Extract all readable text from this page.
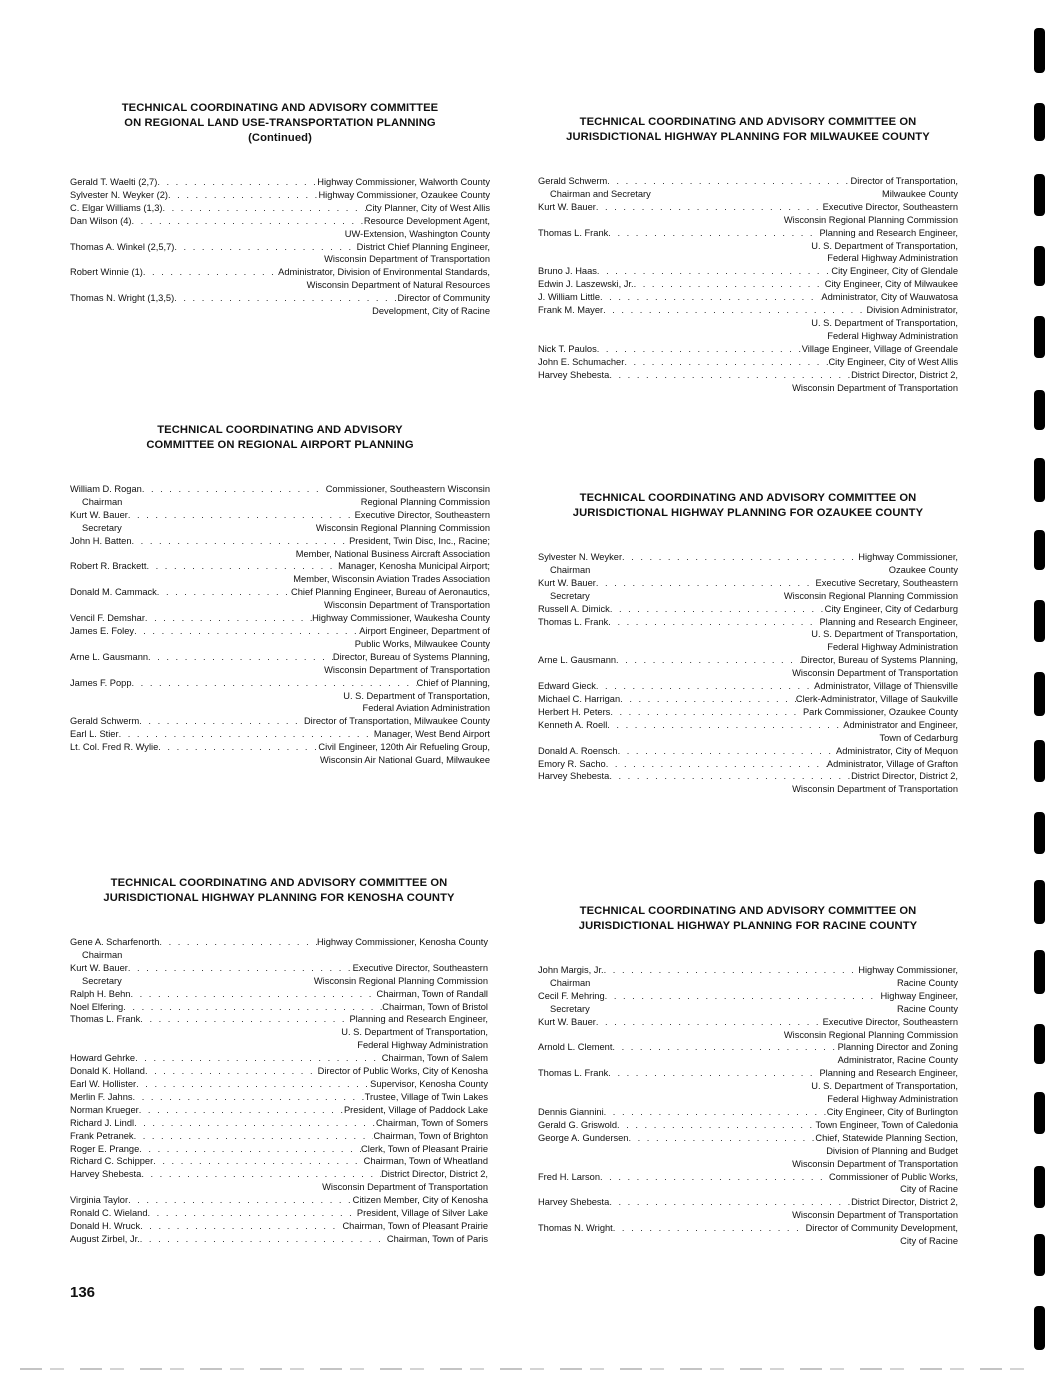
TECHNICAL COORDINATING AND ADVISORY COMMITTEE
ON REGIONAL LAND USE-TRANSPORTATION PLANNING
(Continued)
Gerald T. Waelti (2,7) . . .	Highway Commissioner, Walworth County
Sylvester N. Weyker (2) . . .	Highway Commissioner, Ozaukee County
C. Elgar Williams (1,3) . . .	City Planner, City of West Allis
Dan Wilson (4) . . .	Resource Development Agent,
UW-Extension, Washington County
Thomas A. Winkel (2,5,7) . . .	District Chief Planning Engineer,
Wisconsin Department of Transportation
Robert Winnie (1) . . .	Administrator, Division of Environmental Standards,
Wisconsin Department of Natural Resources
Thomas N. Wright (1,3,5) . . .	Director of Community
Development, City of Racine
TECHNICAL COORDINATING AND ADVISORY
COMMITTEE ON REGIONAL AIRPORT PLANNING
William D. Rogan . . .	Commissioner, Southeastern Wisconsin
Chairman	Regional Planning Commission
Kurt W. Bauer . . .	Executive Director, Southeastern
Secretary	Wisconsin Regional Planning Commission
John H. Batten . . .	President, Twin Disc, Inc., Racine;
Member, National Business Aircraft Association
Robert R. Brackett . . .	Manager, Kenosha Municipal Airport;
Member, Wisconsin Aviation Trades Association
Donald M. Cammack . . .	Chief Planning Engineer, Bureau of Aeronautics,
Wisconsin Department of Transportation
Vencil F. Demshar . . .	Highway Commissioner, Waukesha County
James E. Foley . . .	Airport Engineer, Department of
Public Works, Milwaukee County
Arne L. Gausmann . . .	Director, Bureau of Systems Planning,
Wisconsin Department of Transportation
James F. Popp . . .	Chief of Planning,
U. S. Department of Transportation,
Federal Aviation Administration
Gerald Schwerm . . .	Director of Transportation, Milwaukee County
Earl L. Stier . . .	Manager, West Bend Airport
Lt. Col. Fred R. Wylie . . .	Civil Engineer, 120th Air Refueling Group,
Wisconsin Air National Guard, Milwaukee
TECHNICAL COORDINATING AND ADVISORY COMMITTEE ON
JURISDICTIONAL HIGHWAY PLANNING FOR KENOSHA COUNTY
Gene A. Scharfenorth . . .	Highway Commissioner, Kenosha County
Chairman
Kurt W. Bauer . . .	Executive Director, Southeastern
Secretary	Wisconsin Regional Planning Commission
Ralph H. Behn . . .	Chairman, Town of Randall
Noel Elfering . . .	Chairman, Town of Bristol
Thomas L. Frank . . .	Planning and Research Engineer,
U. S. Department of Transportation,
Federal Highway Administration
Howard Gehrke . . .	Chairman, Town of Salem
Donald K. Holland . . .	Director of Public Works, City of Kenosha
Earl W. Hollister . . .	Supervisor, Kenosha County
Merlin F. Jahns . . .	Trustee, Village of Twin Lakes
Norman Krueger . . .	President, Village of Paddock Lake
Richard J. Lindl . . .	Chairman, Town of Somers
Frank Petranek . . .	Chairman, Town of Brighton
Roger E. Prange . . .	Clerk, Town of Pleasant Prairie
Richard C. Schipper . . .	Chairman, Town of Wheatland
Harvey Shebesta . . .	District Director, District 2,
Wisconsin Department of Transportation
Virginia Taylor . . .	Citizen Member, City of Kenosha
Ronald C. Wieland . . .	President, Village of Silver Lake
Donald H. Wruck . . .	Chairman, Town of Pleasant Prairie
August Zirbel, Jr. . . .	Chairman, Town of Paris
TECHNICAL COORDINATING AND ADVISORY COMMITTEE ON
JURISDICTIONAL HIGHWAY PLANNING FOR MILWAUKEE COUNTY
Gerald Schwerm . . .	Director of Transportation,
Chairman and Secretary	Milwaukee County
Kurt W. Bauer . . .	Executive Director, Southeastern
Wisconsin Regional Planning Commission
Thomas L. Frank . . .	Planning and Research Engineer,
U. S. Department of Transportation,
Federal Highway Administration
Bruno J. Haas . . .	City Engineer, City of Glendale
Edwin J. Laszewski, Jr. . . .	City Engineer, City of Milwaukee
J. William Little . . .	Administrator, City of Wauwatosa
Frank M. Mayer . . .	Division Administrator,
U. S. Department of Transportation,
Federal Highway Administration
Nick T. Paulos . . .	Village Engineer, Village of Greendale
John E. Schumacher . . .	City Engineer, City of West Allis
Harvey Shebesta . . .	District Director, District 2,
Wisconsin Department of Transportation
TECHNICAL COORDINATING AND ADVISORY COMMITTEE ON
JURISDICTIONAL HIGHWAY PLANNING FOR OZAUKEE COUNTY
Sylvester N. Weyker . . .	Highway Commissioner,
Chairman	Ozaukee County
Kurt W. Bauer . . .	Executive Secretary, Southeastern
Secretary	Wisconsin Regional Planning Commission
Russell A. Dimick . . .	City Engineer, City of Cedarburg
Thomas L. Frank . . .	Planning and Research Engineer,
U. S. Department of Transportation,
Federal Highway Administration
Arne L. Gausmann . . .	Director, Bureau of Systems Planning,
Wisconsin Department of Transportation
Edward Gieck . . .	Administrator, Village of Thiensville
Michael C. Harrigan . . .	Clerk-Administrator, Village of Saukville
Herbert H. Peters . . .	Park Commissioner, Ozaukee County
Kenneth A. Roell . . .	Administrator and Engineer,
Town of Cedarburg
Donald A. Roensch . . .	Administrator, City of Mequon
Emory R. Sacho . . .	Administrator, Village of Grafton
Harvey Shebesta . . .	District Director, District 2,
Wisconsin Department of Transportation
TECHNICAL COORDINATING AND ADVISORY COMMITTEE ON
JURISDICTIONAL HIGHWAY PLANNING FOR RACINE COUNTY
John Margis, Jr. . . .	Highway Commissioner,
Chairman	Racine County
Cecil F. Mehring . . .	Highway Engineer,
Secretary	Racine County
Kurt W. Bauer . . .	Executive Director, Southeastern
Wisconsin Regional Planning Commission
Arnold L. Clement . . .	Planning Director and Zoning
Administrator, Racine County
Thomas L. Frank . . .	Planning and Research Engineer,
U. S. Department of Transportation,
Federal Highway Administration
Dennis Giannini . . .	City Engineer, City of Burlington
Gerald G. Griswold . . .	Town Engineer, Town of Caledonia
George A. Gundersen . . .	Chief, Statewide Planning Section,
Division of Planning and Budget
Wisconsin Department of Transportation
Fred H. Larson . . .	Commissioner of Public Works,
City of Racine
Harvey Shebesta . . .	District Director, District 2,
Wisconsin Department of Transportation
Thomas N. Wright . . .	Director of Community Development,
City of Racine
136
